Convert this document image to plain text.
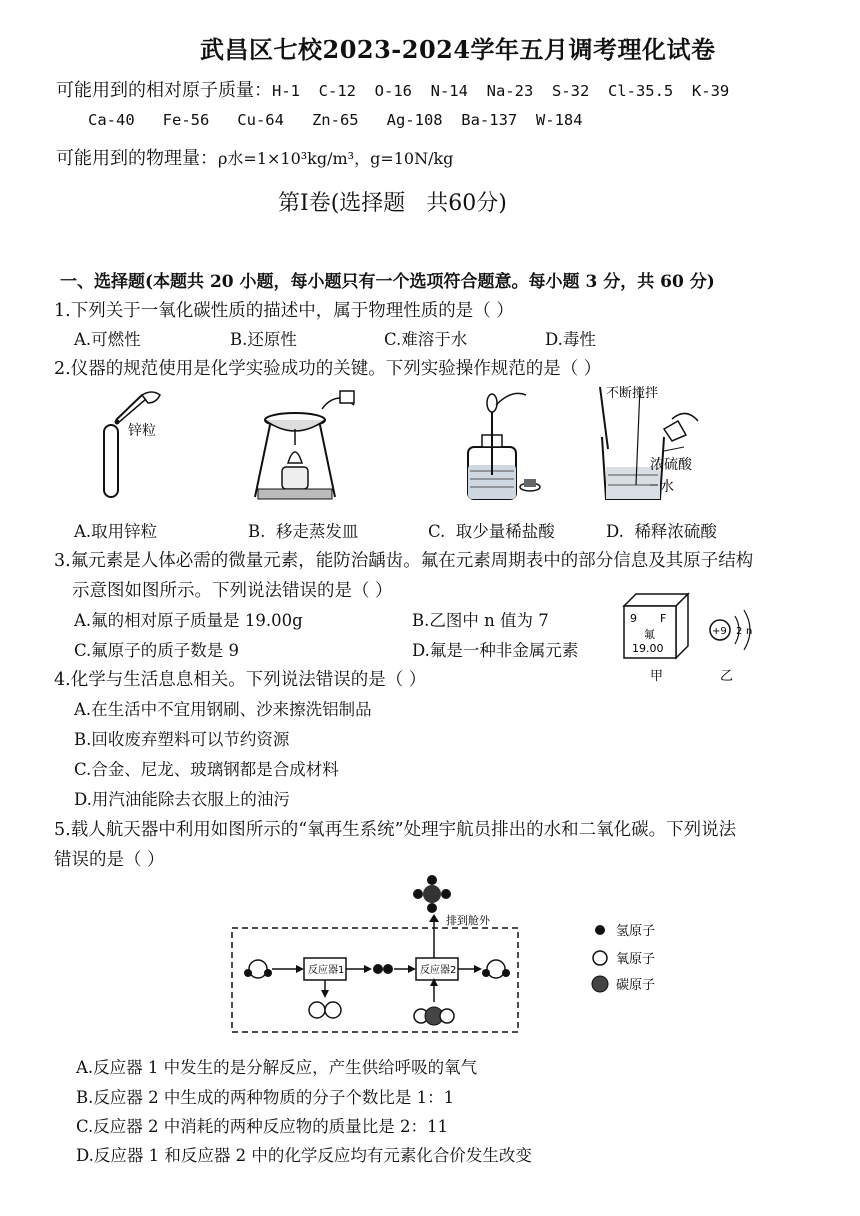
武昌区七校2023-2024学年五月调考理化试卷
可能用到的相对原子质量：H-1  C-12  O-16  N-14  Na-23  S-32  Cl-35.5  K-39
Ca-40   Fe-56   Cu-64   Zn-65   Ag-108  Ba-137  W-184
可能用到的物理量：ρ水=1×10³kg/m³，g=10N/kg
第Ⅰ卷(选择题   共60分)
一、选择题(本题共 20 小题，每小题只有一个选项符合题意。每小题 3 分，共 60 分)
1.下列关于一氧化碳性质的描述中，属于物理性质的是（ ）
A.可燃性	B.还原性	C.难溶于水	D.毒性
2.仪器的规范使用是化学实验成功的关键。下列实验操作规范的是（ ）
锌粒
不断搅拌
浓硫酸
水
A.取用锌粒	B.  移走蒸发皿	C.  取少量稀盐酸	D.  稀释浓硫酸
3.氟元素是人体必需的微量元素，能防治龋齿。氟在元素周期表中的部分信息及其原子结构
示意图如图所示。下列说法错误的是（ ）
A.氟的相对原子质量是 19.00g	B.乙图中 n 值为 7
C.氟原子的质子数是 9	D.氟是一种非金属元素
9 F
氟
19.00
+9 2 n
甲	乙
4.化学与生活息息相关。下列说法错误的是（ ）
A.在生活中不宜用钢刷、沙来擦洗铝制品
B.回收废弃塑料可以节约资源
C.合金、尼龙、玻璃钢都是合成材料
D.用汽油能除去衣服上的油污
5.载人航天器中利用如图所示的“氧再生系统”处理宇航员排出的水和二氧化碳。下列说法
错误的是（ ）
排到舱外
反应器1	反应器2
氢原子
氧原子
碳原子
A.反应器 1 中发生的是分解反应，产生供给呼吸的氧气
B.反应器 2 中生成的两种物质的分子个数比是 1：1
C.反应器 2 中消耗的两种反应物的质量比是 2：11
D.反应器 1 和反应器 2 中的化学反应均有元素化合价发生改变
